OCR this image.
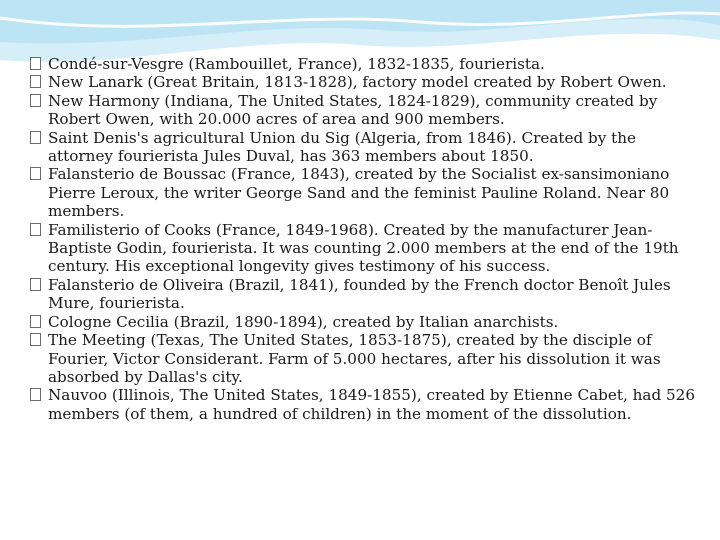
Condé-sur-Vesgre (Rambouillet, France), 1832-1835, fourierista.
New Lanark (Great Britain, 1813-1828), factory model created by Robert Owen.
New Harmony (Indiana, The United States, 1824-1829), community created by Robert Owen, with 20.000 acres of area and 900 members.
Saint Denis's agricultural Union du Sig (Algeria, from 1846). Created by the attorney fourierista Jules Duval, has 363 members about 1850.
Falansterio de Boussac (France, 1843), created by the Socialist ex-sansimoniano Pierre Leroux, the writer George Sand and the feminist Pauline Roland. Near 80 members.
Familisterio of Cooks (France, 1849-1968). Created by the manufacturer Jean-Baptiste Godin, fourierista. It was counting 2.000 members at the end of the 19th century. His exceptional longevity gives testimony of his success.
Falansterio de Oliveira (Brazil, 1841), founded by the French doctor Benoît Jules Mure, fourierista.
Cologne Cecilia (Brazil, 1890-1894), created by Italian anarchists.
The Meeting (Texas, The United States, 1853-1875), created by the disciple of Fourier, Victor Considerant. Farm of 5.000 hectares, after his dissolution it was absorbed by Dallas's city.
Nauvoo (Illinois, The United States, 1849-1855), created by Etienne Cabet, had 526 members (of them, a hundred of children) in the moment of the dissolution.
